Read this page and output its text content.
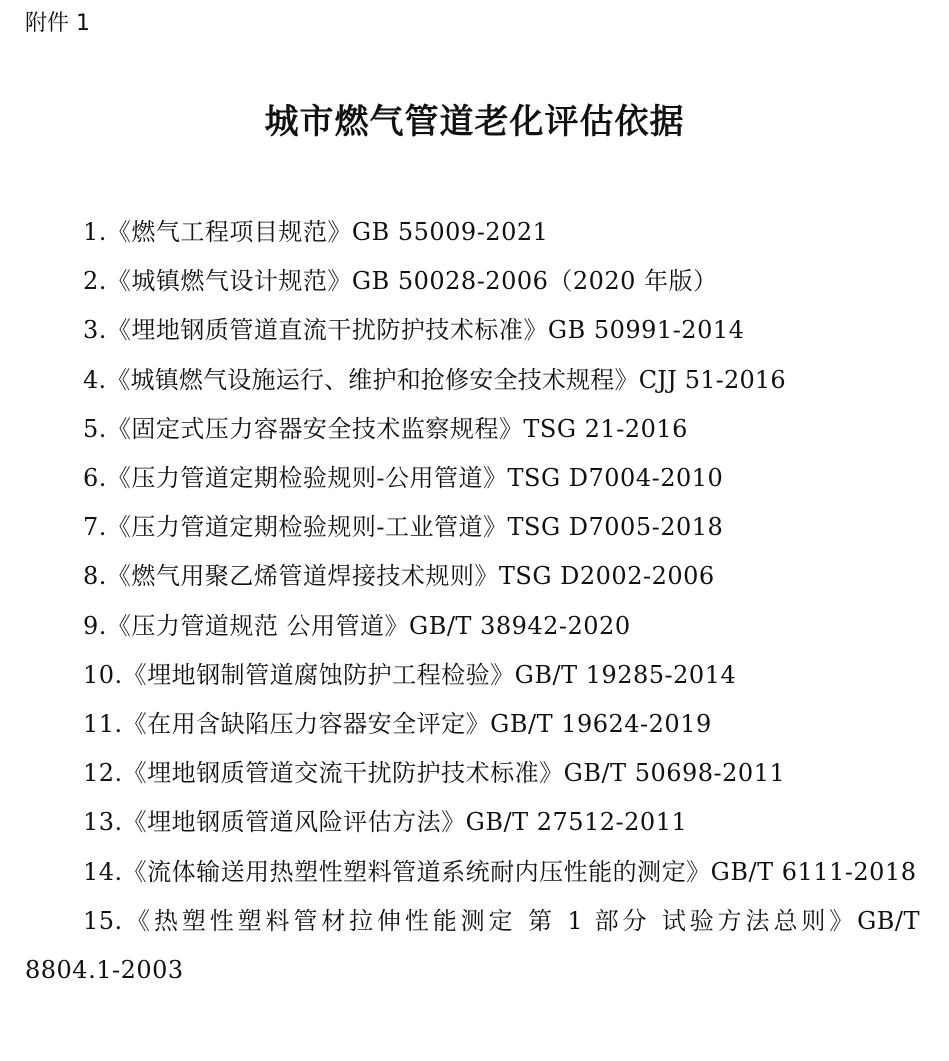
附件 1
城市燃气管道老化评估依据
1.《燃气工程项目规范》GB 55009-2021
2.《城镇燃气设计规范》GB 50028-2006（2020 年版）
3.《埋地钢质管道直流干扰防护技术标准》GB 50991-2014
4.《城镇燃气设施运行、维护和抢修安全技术规程》CJJ 51-2016
5.《固定式压力容器安全技术监察规程》TSG 21-2016
6.《压力管道定期检验规则-公用管道》TSG D7004-2010
7.《压力管道定期检验规则-工业管道》TSG D7005-2018
8.《燃气用聚乙烯管道焊接技术规则》TSG D2002-2006
9.《压力管道规范 公用管道》GB/T 38942-2020
10.《埋地钢制管道腐蚀防护工程检验》GB/T 19285-2014
11.《在用含缺陷压力容器安全评定》GB/T 19624-2019
12.《埋地钢质管道交流干扰防护技术标准》GB/T 50698-2011
13.《埋地钢质管道风险评估方法》GB/T 27512-2011
14.《流体输送用热塑性塑料管道系统耐内压性能的测定》GB/T 6111-2018
15.《热塑性塑料管材拉伸性能测定 第 1 部分 试验方法总则》GB/T 8804.1-2003
